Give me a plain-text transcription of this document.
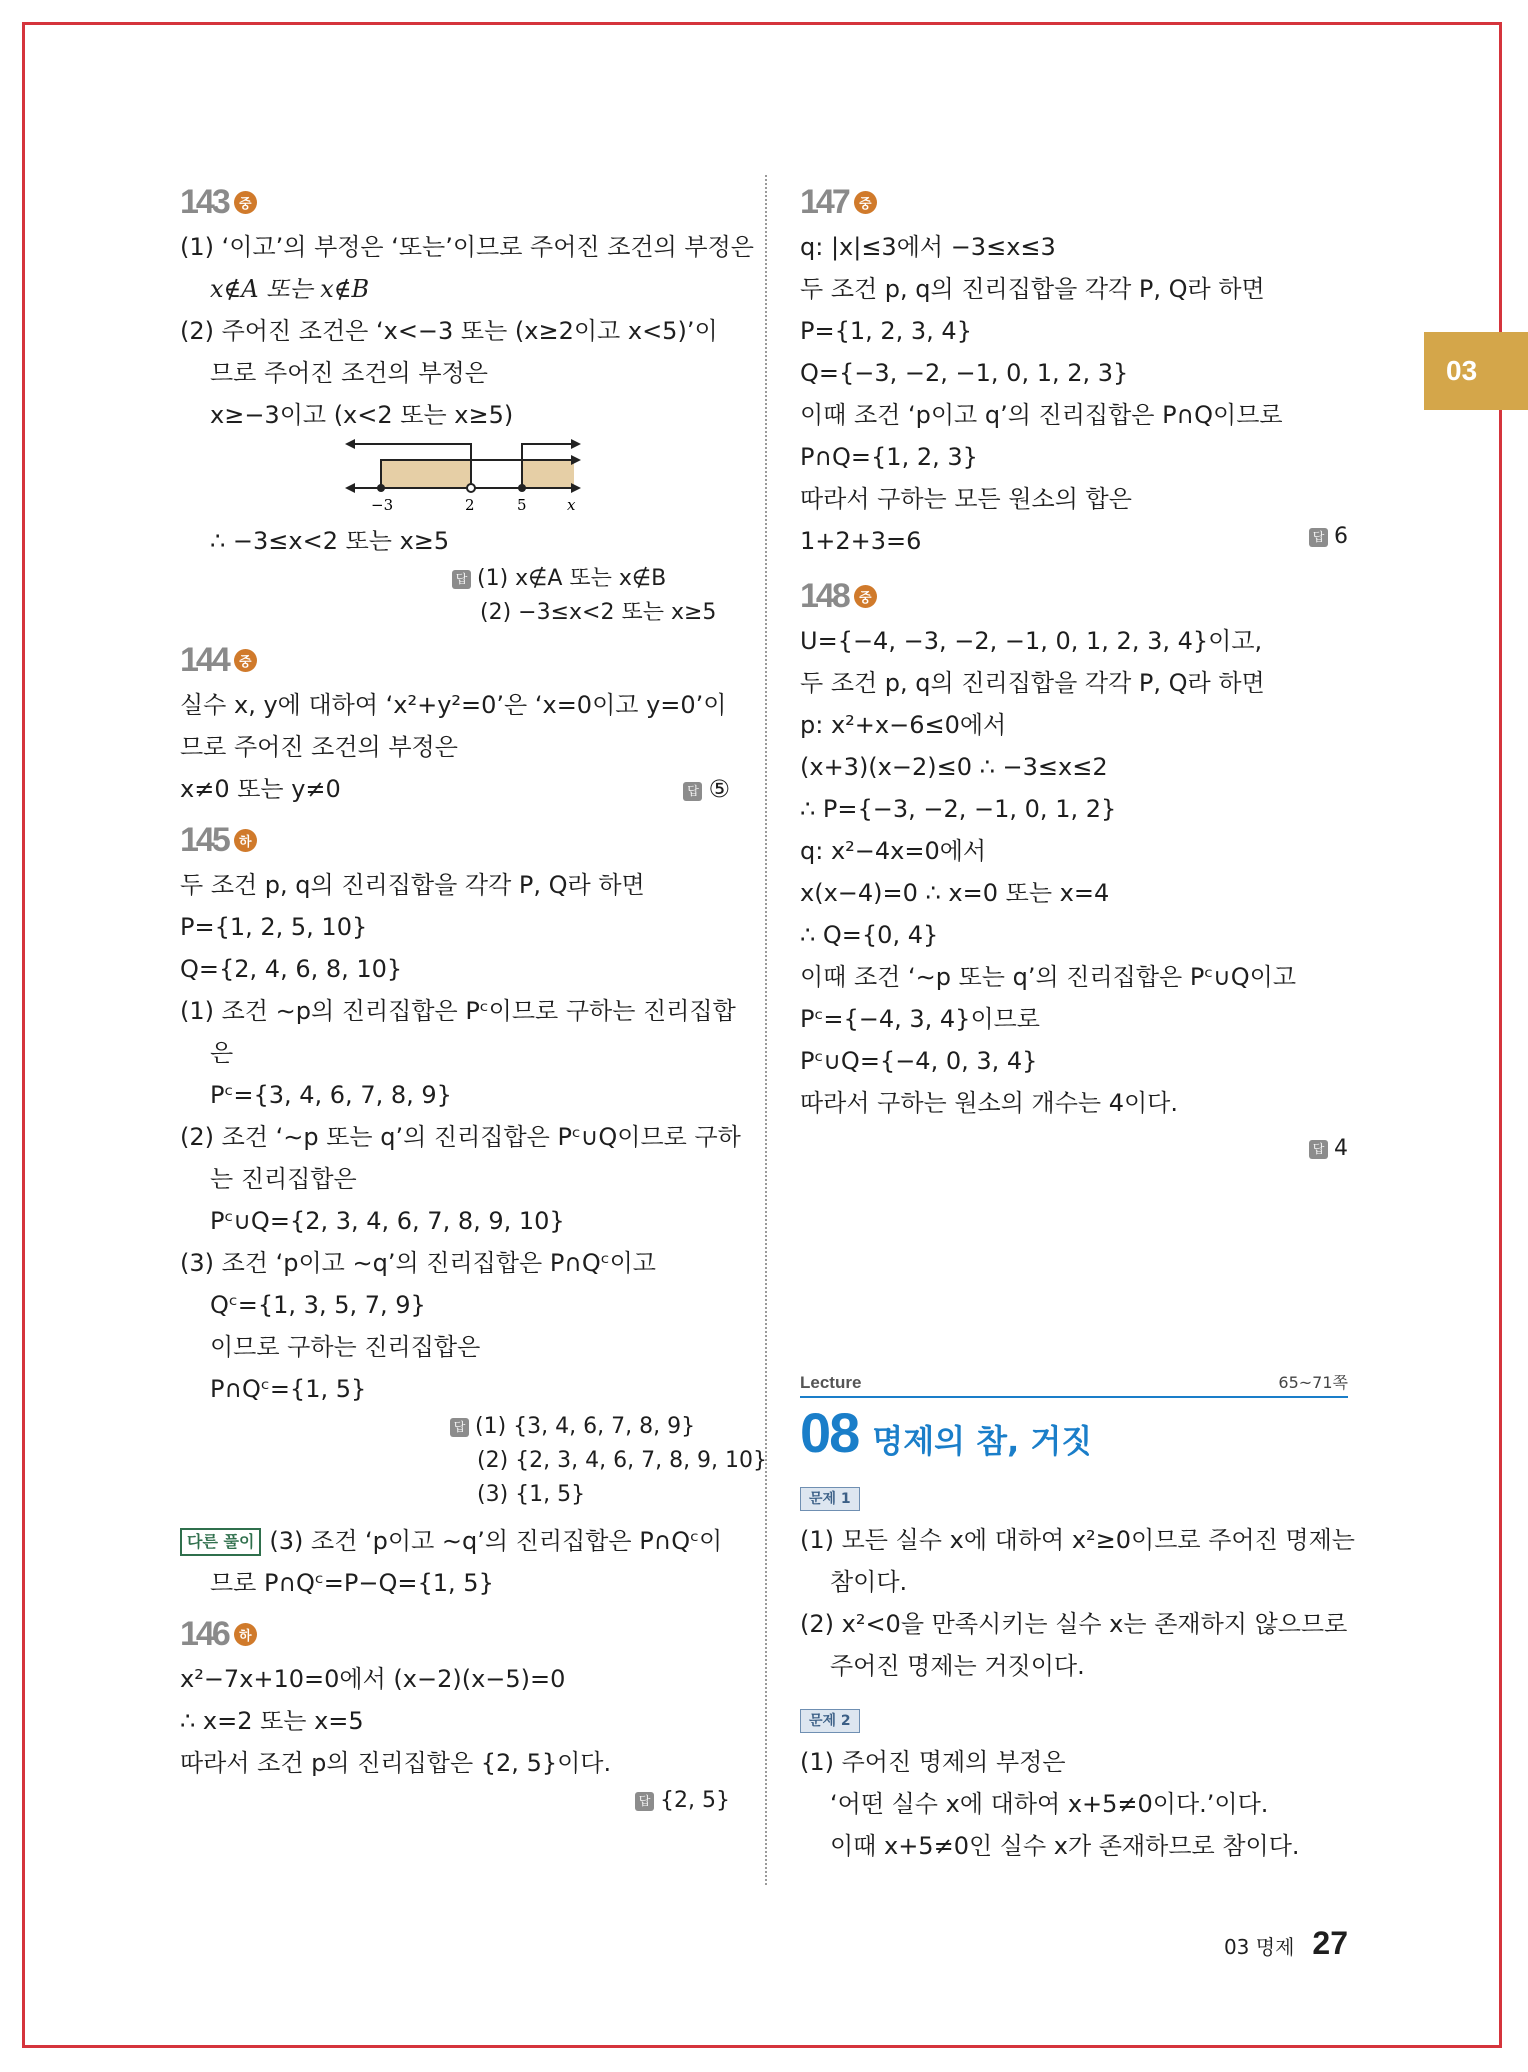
03
143 중
(1) ‘이고’의 부정은 ‘또는’이므로 주어진 조건의 부정은
x∉A 또는 x∉B
(2) 주어진 조건은 ‘x<−3 또는 (x≥2이고 x<5)’이
므로 주어진 조건의 부정은
x≥−3이고 (x<2 또는 x≥5)
−3	2	5	x
∴ −3≤x<2 또는 x≥5
답 (1) x∉A 또는 x∉B
(2) −3≤x<2 또는 x≥5
144 중
실수 x, y에 대하여 ‘x²+y²=0’은 ‘x=0이고 y=0’이
므로 주어진 조건의 부정은
x≠0 또는 y≠0	답 ⑤
145 하
두 조건 p, q의 진리집합을 각각 P, Q라 하면
P={1, 2, 5, 10}
Q={2, 4, 6, 8, 10}
(1) 조건 ∼p의 진리집합은 Pᶜ이므로 구하는 진리집합
은
Pᶜ={3, 4, 6, 7, 8, 9}
(2) 조건 ‘∼p 또는 q’의 진리집합은 Pᶜ∪Q이므로 구하
는 진리집합은
Pᶜ∪Q={2, 3, 4, 6, 7, 8, 9, 10}
(3) 조건 ‘p이고 ∼q’의 진리집합은 P∩Qᶜ이고
Qᶜ={1, 3, 5, 7, 9}
이므로 구하는 진리집합은
P∩Qᶜ={1, 5}
답 (1) {3, 4, 6, 7, 8, 9}
(2) {2, 3, 4, 6, 7, 8, 9, 10}
(3) {1, 5}
다른 풀이 (3) 조건 ‘p이고 ∼q’의 진리집합은 P∩Qᶜ이
므로 P∩Qᶜ=P−Q={1, 5}
146 하
x²−7x+10=0에서 (x−2)(x−5)=0
∴ x=2 또는 x=5
따라서 조건 p의 진리집합은 {2, 5}이다.
답 {2, 5}
147 중
q: |x|≤3에서 −3≤x≤3
두 조건 p, q의 진리집합을 각각 P, Q라 하면
P={1, 2, 3, 4}
Q={−3, −2, −1, 0, 1, 2, 3}
이때 조건 ‘p이고 q’의 진리집합은 P∩Q이므로
P∩Q={1, 2, 3}
따라서 구하는 모든 원소의 합은
1+2+3=6	답 6
148 중
U={−4, −3, −2, −1, 0, 1, 2, 3, 4}이고,
두 조건 p, q의 진리집합을 각각 P, Q라 하면
p: x²+x−6≤0에서
(x+3)(x−2)≤0 ∴ −3≤x≤2
∴ P={−3, −2, −1, 0, 1, 2}
q: x²−4x=0에서
x(x−4)=0 ∴ x=0 또는 x=4
∴ Q={0, 4}
이때 조건 ‘∼p 또는 q’의 진리집합은 Pᶜ∪Q이고
Pᶜ={−4, 3, 4}이므로
Pᶜ∪Q={−4, 0, 3, 4}
따라서 구하는 원소의 개수는 4이다.
답 4
Lecture	65~71쪽
08 명제의 참, 거짓
문제 1
(1) 모든 실수 x에 대하여 x²≥0이므로 주어진 명제는
참이다.
(2) x²<0을 만족시키는 실수 x는 존재하지 않으므로
주어진 명제는 거짓이다.
문제 2
(1) 주어진 명제의 부정은
‘어떤 실수 x에 대하여 x+5≠0이다.’이다.
이때 x+5≠0인 실수 x가 존재하므로 참이다.
03 명제 27
